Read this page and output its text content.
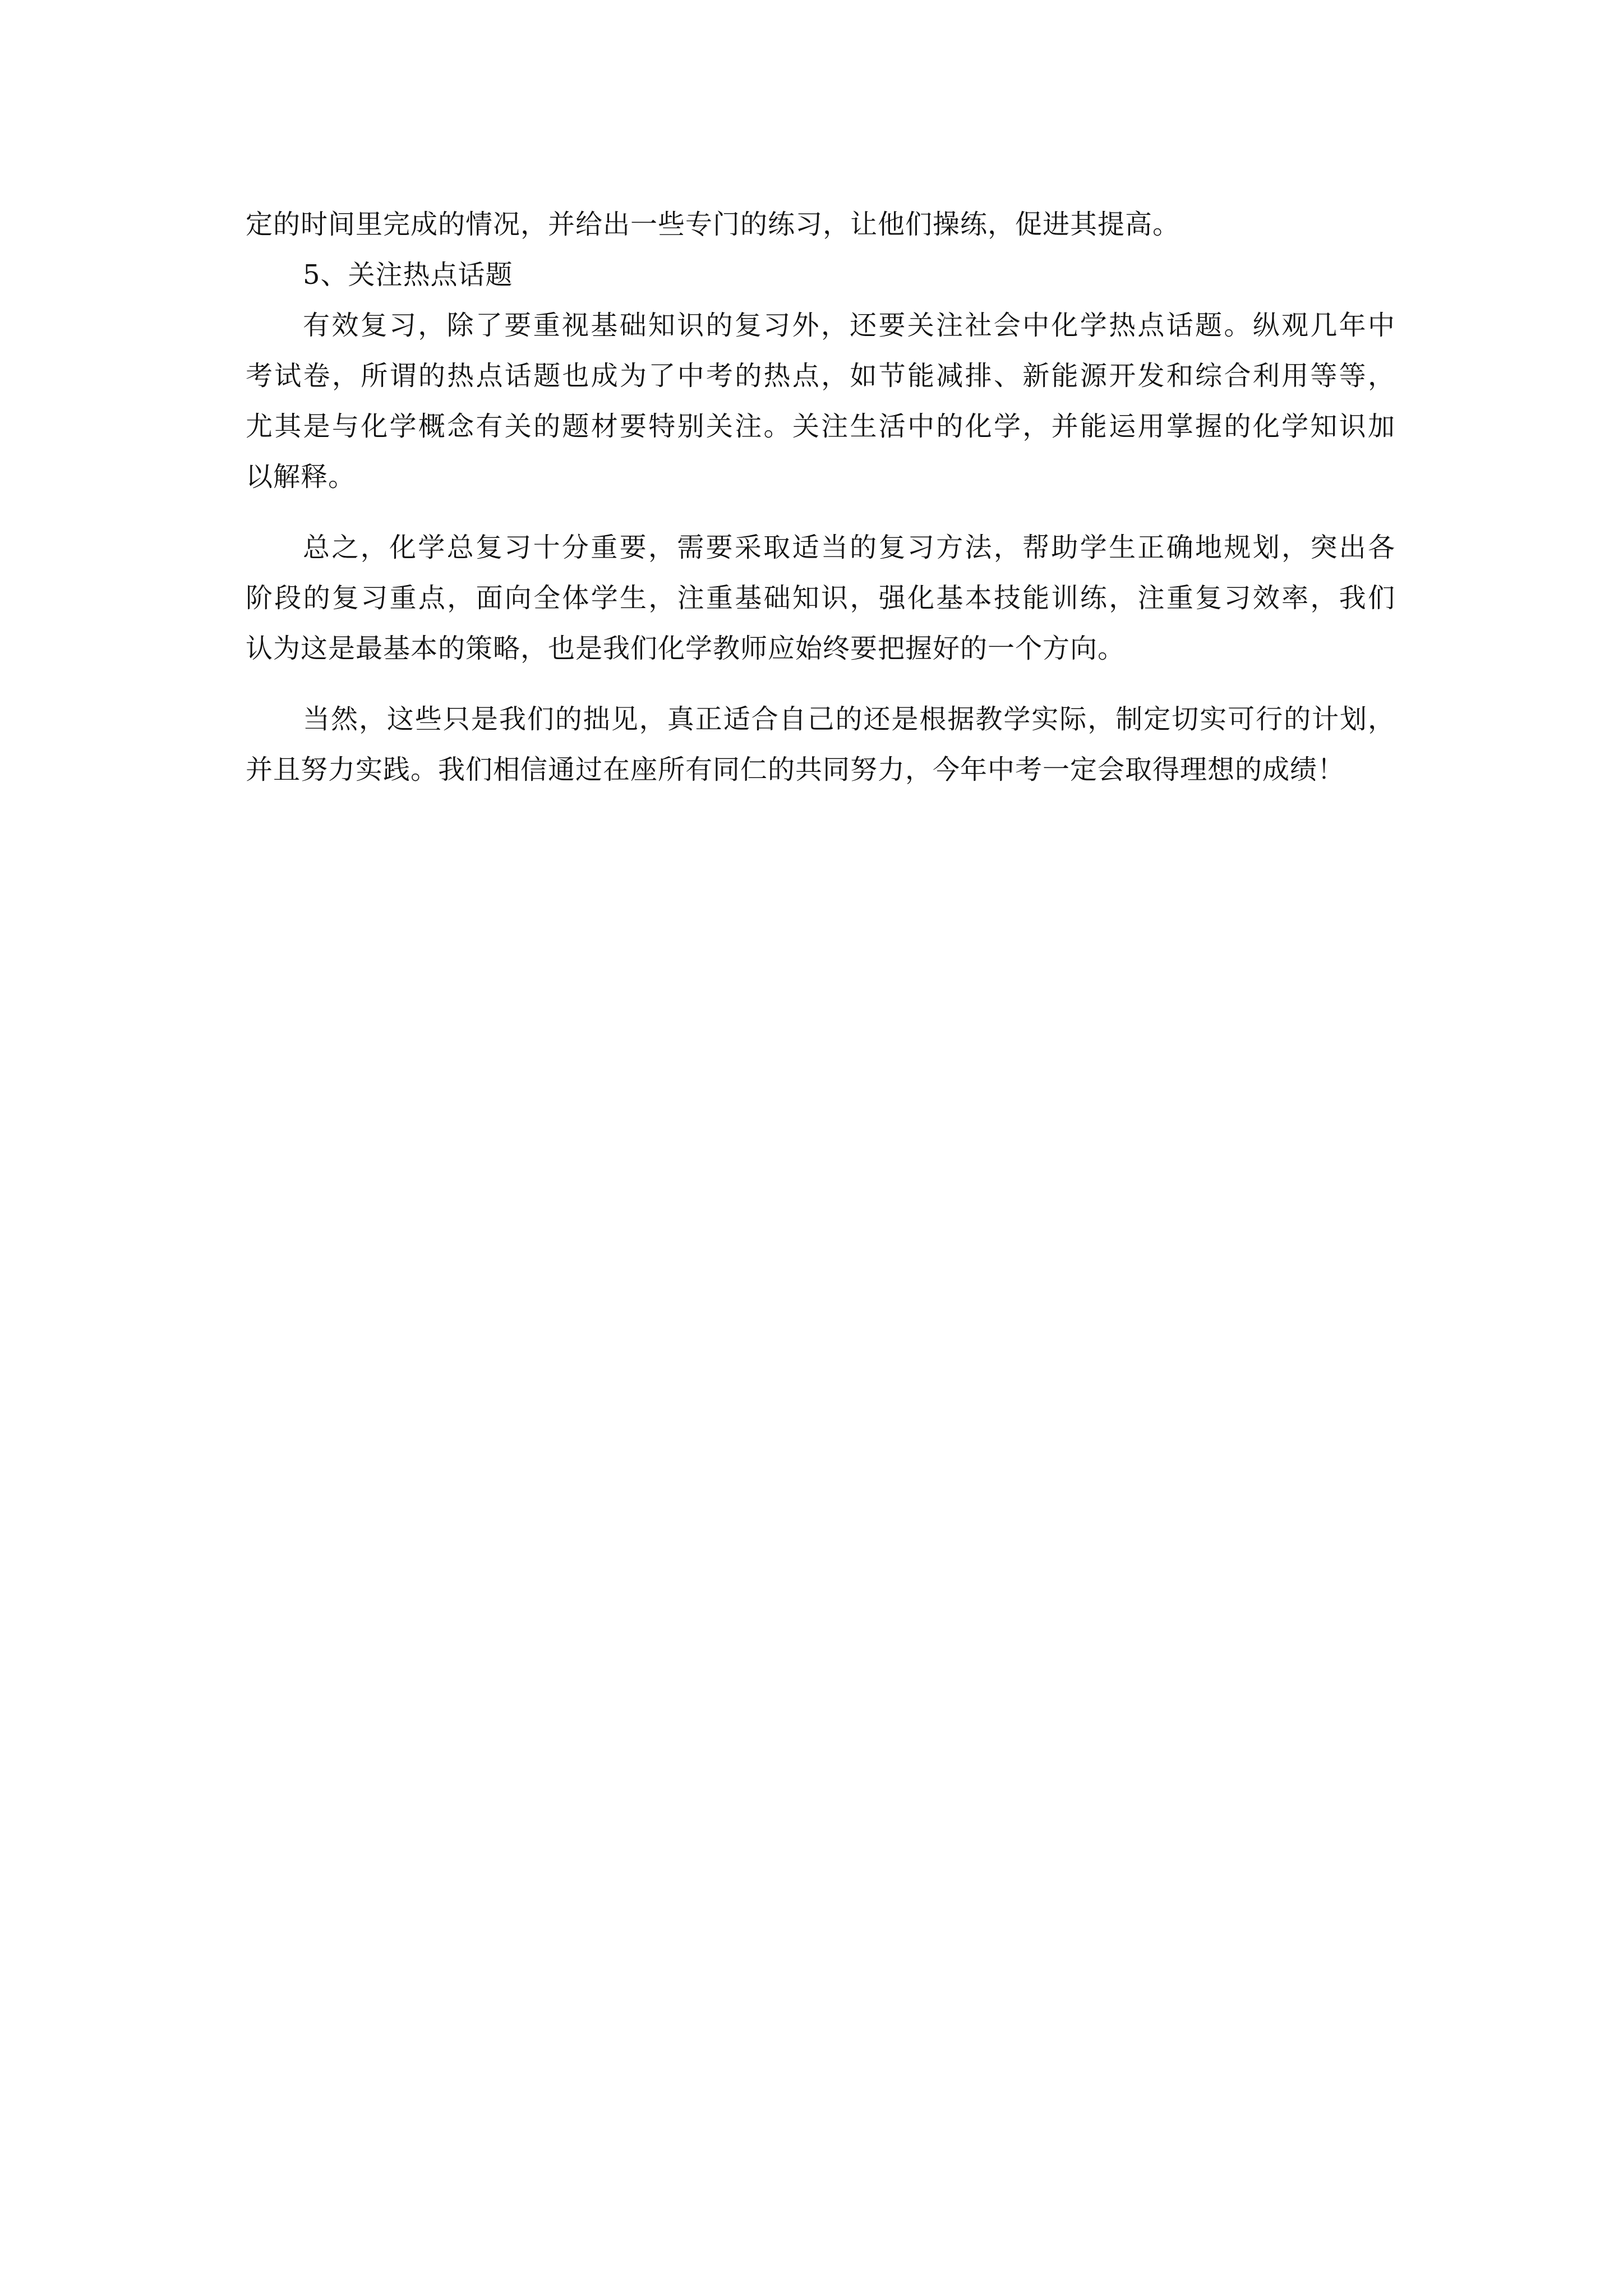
定的时间里完成的情况，并给出一些专门的练习，让他们操练，促进其提高。
5、关注热点话题
有效复习，除了要重视基础知识的复习外，还要关注社会中化学热点话题。纵观几年中
考试卷，所谓的热点话题也成为了中考的热点，如节能减排、新能源开发和综合利用等等，
尤其是与化学概念有关的题材要特别关注。关注生活中的化学，并能运用掌握的化学知识加
以解释。
总之，化学总复习十分重要，需要采取适当的复习方法，帮助学生正确地规划，突出各
阶段的复习重点，面向全体学生，注重基础知识，强化基本技能训练，注重复习效率，我们
认为这是最基本的策略，也是我们化学教师应始终要把握好的一个方向。
当然，这些只是我们的拙见，真正适合自己的还是根据教学实际，制定切实可行的计划，
并且努力实践。我们相信通过在座所有同仁的共同努力，今年中考一定会取得理想的成绩！
